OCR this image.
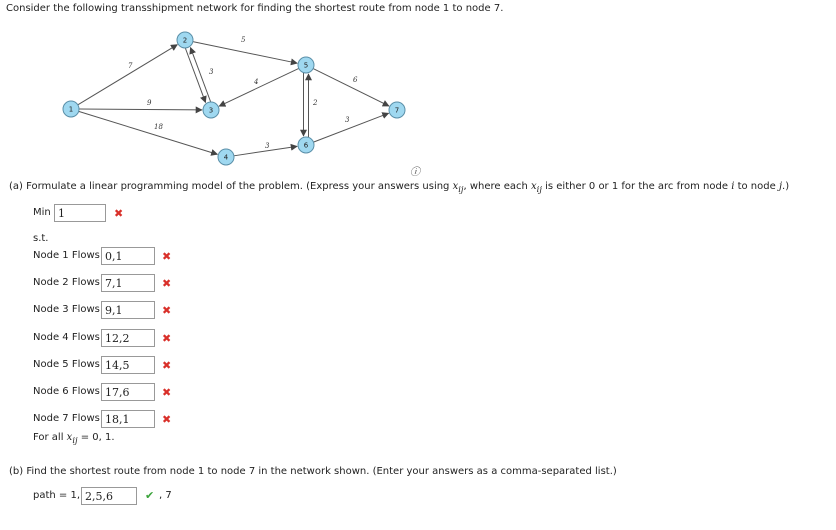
Consider the following transshipment network for finding the shortest route from node 1 to node 7.
7
9
18
3
5
4
3
2
6
3
1
2
3
4
5
6
7
ⓘ
(a) Formulate a linear programming model of the problem. (Express your answers using $x_{ij}$, where each $x_{ij}$ is either 0 or 1 for the arc from node i to node j.)
Min 1	✖
s.t.
Node 1 Flows 0,1	✖
Node 2 Flows 7,1	✖
Node 3 Flows 9,1	✖
Node 4 Flows 12,2	✖
Node 5 Flows 14,5	✖
Node 6 Flows 17,6	✖
Node 7 Flows 18,1	✖
For all $x_{ij} = 0$, 1.
(b) Find the shortest route from node 1 to node 7 in the network shown. (Enter your answers as a comma-separated list.)
path = 1, 2,5,6	✔ , 7
